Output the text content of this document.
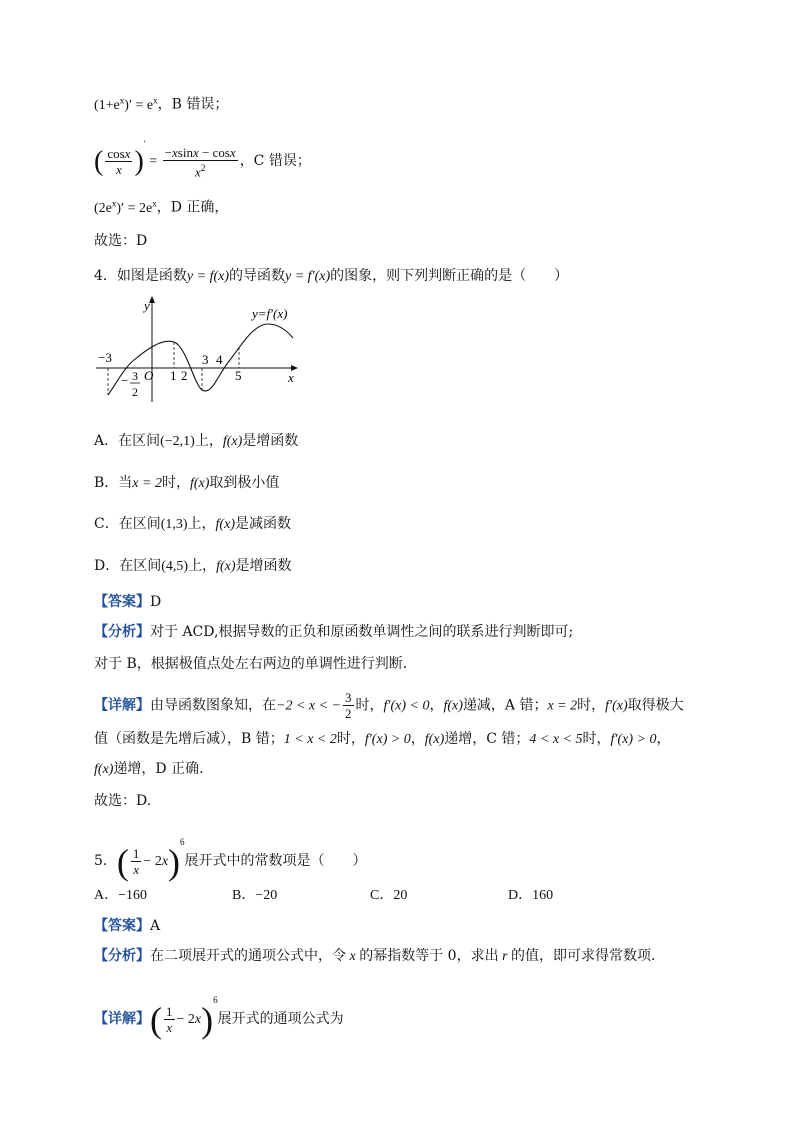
$(1+e^x)' = e^x$，B 错误；
( $\frac{\cos x}{x} )' = \frac{-xsinx - \cos x}{x^2}$ ，C 错误；
$(2e^x)' = 2e^x$，D 正确，
故选：D
4．如图是函数y = f(x)的导函数y = f′(x)的图象，则下列判断正确的是（　　）
y
x
y=f′(x)
O
−3
− 3
2
1 2
3 4
5
A．在区间(−2,1)上，f(x)是增函数
B．当x = 2时，f(x)取到极小值
C．在区间(1,3)上，f(x)是减函数
D．在区间(4,5)上，f(x)是增函数
【答案】D
【分析】对于 ACD,根据导数的正负和原函数单调性之间的联系进行判断即可;
对于 B，根据极值点处左右两边的单调性进行判断.
【详解】由导函数图象知，在−2 < x < − $\frac{3}{2}$ 时，f′(x) < 0，f(x)递减，A 错；x = 2时，f′(x)取得极大
值（函数是先增后减），B 错；1 < x < 2时，f′(x) > 0，f(x)递增，C 错；4 < x < 5时，f′(x) > 0，
f(x)递增，D 正确.
故选：D.
5．( $\frac{1}{x} - 2x)^6$展开式中的常数项是（　　）
A．−160	B．−20	C．20	D．160
【答案】A
【分析】在二项展开式的通项公式中，令 x 的幂指数等于 0，求出 r 的值，即可求得常数项.
【详解】( $\frac{1}{x} - 2x)^6$展开式的通项公式为
